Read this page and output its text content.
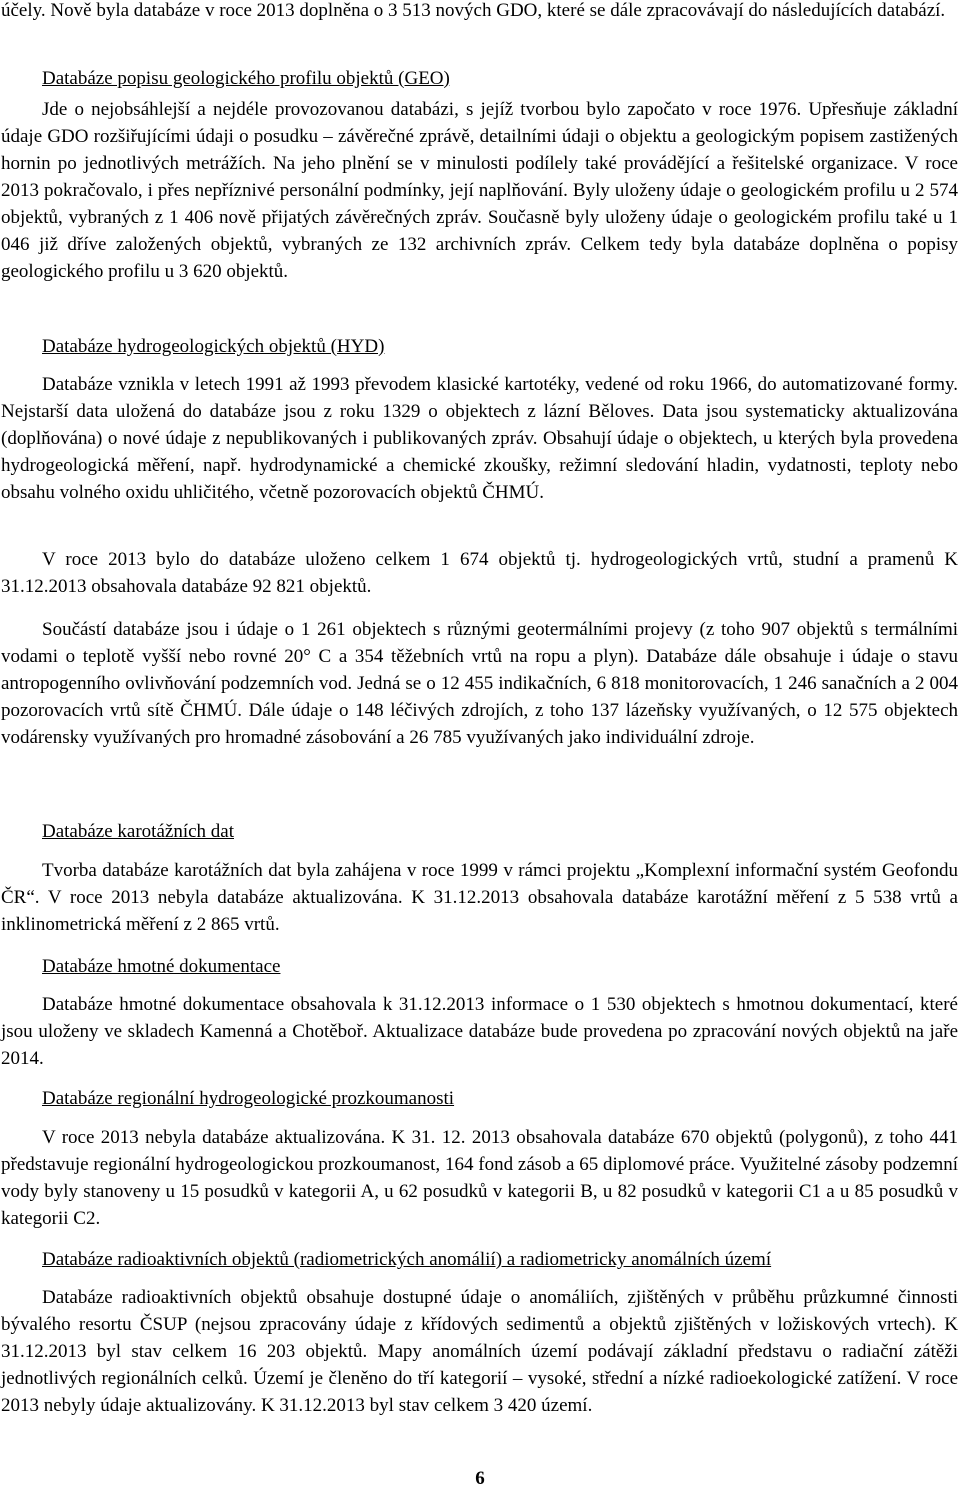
účely. Nově byla databáze v roce 2013 doplněna o 3 513 nových GDO, které se dále zpracovávají do následujících databází.

Databáze popisu geologického profilu objektů (GEO)

Jde o nejobsáhlejší a nejdéle provozovanou databázi, s jejíž tvorbou bylo započato v roce 1976. Upřesňuje základní údaje GDO rozšiřujícími údaji o posudku – závěrečné zprávě, detailními údaji o objektu a geologickým popisem zastižených hornin po jednotlivých metrážích. Na jeho plnění se v minulosti podílely také provádějící a řešitelské organizace. V roce 2013 pokračovalo, i přes nepříznivé personální podmínky, její naplňování. Byly uloženy údaje o geologickém profilu u 2 574 objektů, vybraných z 1 406 nově přijatých závěrečných zpráv. Současně byly uloženy údaje o geologickém profilu také u 1 046 již dříve založených objektů, vybraných ze 132 archivních zpráv. Celkem tedy byla databáze doplněna o popisy geologického profilu u 3 620 objektů.

Databáze hydrogeologických objektů (HYD)

Databáze vznikla v letech 1991 až 1993 převodem klasické kartotéky, vedené od roku 1966, do automatizované formy. Nejstarší data uložená do databáze jsou z roku 1329 o objektech z lázní Běloves. Data jsou systematicky aktualizována (doplňována) o nové údaje z nepublikovaných i publikovaných zpráv. Obsahují údaje o objektech, u kterých byla provedena hydrogeologická měření, např. hydrodynamické a chemické zkoušky, režimní sledování hladin, vydatnosti, teploty nebo obsahu volného oxidu uhličitého, včetně pozorovacích objektů ČHMÚ.

V roce 2013 bylo do databáze uloženo celkem 1 674 objektů tj. hydrogeologických vrtů, studní a pramenů K 31.12.2013 obsahovala databáze 92 821 objektů.

Součástí databáze jsou i údaje o 1 261 objektech s různými geotermálními projevy (z toho 907 objektů s termálními vodami o teplotě vyšší nebo rovné 20° C a 354 těžebních vrtů na ropu a plyn). Databáze dále obsahuje i údaje o stavu antropogenního ovlivňování podzemních vod. Jedná se o 12 455 indikačních, 6 818 monitorovacích, 1 246 sanačních a 2 004 pozorovacích vrtů sítě ČHMÚ. Dále údaje o 148 léčivých zdrojích, z toho 137 lázeňsky využívaných, o 12 575 objektech vodárensky využívaných pro hromadné zásobování a 26 785 využívaných jako individuální zdroje.

Databáze karotážních dat

Tvorba databáze karotážních dat byla zahájena v roce 1999 v rámci projektu „Komplexní informační systém Geofondu ČR“. V roce 2013 nebyla databáze aktualizována. K 31.12.2013 obsahovala databáze karotážní měření z 5 538 vrtů a inklinometrická měření z 2 865 vrtů.

Databáze hmotné dokumentace

Databáze hmotné dokumentace obsahovala k 31.12.2013 informace o 1 530 objektech s hmotnou dokumentací, které jsou uloženy ve skladech Kamenná a Chotěboř. Aktualizace databáze bude provedena po zpracování nových objektů na jaře 2014.

Databáze regionální hydrogeologické prozkoumanosti

V roce 2013 nebyla databáze aktualizována. K 31. 12. 2013 obsahovala databáze 670 objektů (polygonů), z toho 441 představuje regionální hydrogeologickou prozkoumanost, 164 fond zásob a 65 diplomové práce. Využitelné zásoby podzemní vody byly stanoveny u 15 posudků v kategorii A, u 62 posudků v kategorii B, u 82 posudků v kategorii C1 a u 85 posudků v kategorii C2.

Databáze radioaktivních objektů (radiometrických anomálií) a radiometricky anomálních území

Databáze radioaktivních objektů obsahuje dostupné údaje o anomáliích, zjištěných v průběhu průzkumné činnosti bývalého resortu ČSUP (nejsou zpracovány údaje z křídových sedimentů a objektů zjištěných v ložiskových vrtech). K 31.12.2013 byl stav celkem 16 203 objektů. Mapy anomálních území podávají základní představu o radiační zátěži jednotlivých regionálních celků. Území je členěno do tří kategorií – vysoké, střední a nízké radioekologické zatížení. V roce 2013 nebyly údaje aktualizovány. K 31.12.2013 byl stav celkem 3 420 území.

6
